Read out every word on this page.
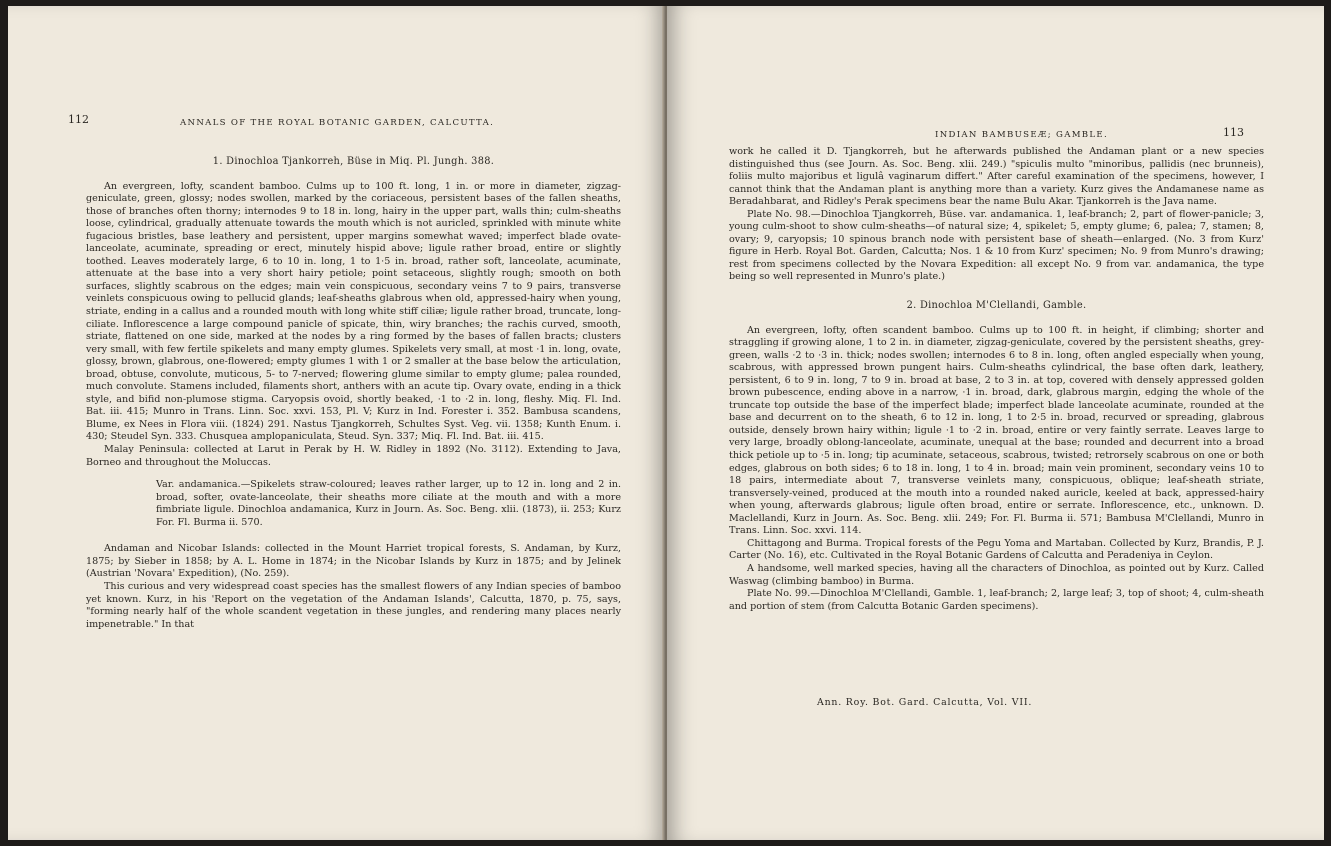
112	ANNALS OF THE ROYAL BOTANIC GARDEN, CALCUTTA.
1. Dinochloa Tjankorreh, Büse in Miq. Pl. Jungh. 388.

An evergreen, lofty, scandent bamboo. Culms up to 100 ft. long, 1 in. or more in diameter, zigzag-geniculate, green, glossy; nodes swollen, marked by the coriaceous, persistent bases of the fallen sheaths, those of branches often thorny; internodes 9 to 18 in. long, hairy in the upper part, walls thin; culm-sheaths loose, cylindrical, gradually attenuate towards the mouth which is not auricled, sprinkled with minute white fugacious bristles, base leathery and persistent, upper margins somewhat waved; imperfect blade ovate-lanceolate, acuminate, spreading or erect, minutely hispid above; ligule rather broad, entire or slightly toothed. Leaves moderately large, 6 to 10 in. long, 1 to 1·5 in. broad, rather soft, lanceolate, acuminate, attenuate at the base into a very short hairy petiole; point setaceous, slightly rough; smooth on both surfaces, slightly scabrous on the edges; main vein conspicuous, secondary veins 7 to 9 pairs, transverse veinlets conspicuous owing to pellucid glands; leaf-sheaths glabrous when old, appressed-hairy when young, striate, ending in a callus and a rounded mouth with long white stiff ciliæ; ligule rather broad, truncate, long-ciliate. Inflorescence a large compound panicle of spicate, thin, wiry branches; the rachis curved, smooth, striate, flattened on one side, marked at the nodes by a ring formed by the bases of fallen bracts; clusters very small, with few fertile spikelets and many empty glumes. Spikelets very small, at most ·1 in. long, ovate, glossy, brown, glabrous, one-flowered; empty glumes 1 with 1 or 2 smaller at the base below the articulation, broad, obtuse, convolute, muticous, 5- to 7-nerved; flowering glume similar to empty glume; palea rounded, much convolute. Stamens included, filaments short, anthers with an acute tip. Ovary ovate, ending in a thick style, and bifid non-plumose stigma. Caryopsis ovoid, shortly beaked, ·1 to ·2 in. long, fleshy. Miq. Fl. Ind. Bat. iii. 415; Munro in Trans. Linn. Soc. xxvi. 153, Pl. V; Kurz in Ind. Forester i. 352. Bambusa scandens, Blume, ex Nees in Flora viii. (1824) 291. Nastus Tjangkorreh, Schultes Syst. Veg. vii. 1358; Kunth Enum. i. 430; Steudel Syn. 333. Chusquea amplopaniculata, Steud. Syn. 337; Miq. Fl. Ind. Bat. iii. 415.

Malay Peninsula: collected at Larut in Perak by H. W. Ridley in 1892 (No. 3112). Extending to Java, Borneo and throughout the Moluccas.

Var. andamanica.—Spikelets straw-coloured; leaves rather larger, up to 12 in. long and 2 in. broad, softer, ovate-lanceolate, their sheaths more ciliate at the mouth and with a more fimbriate ligule. Dinochloa andamanica, Kurz in Journ. As. Soc. Beng. xlii. (1873), ii. 253; Kurz For. Fl. Burma ii. 570.

Andaman and Nicobar Islands: collected in the Mount Harriet tropical forests, S. Andaman, by Kurz, 1875; by Sieber in 1858; by A. L. Home in 1874; in the Nicobar Islands by Kurz in 1875; and by Jelinek (Austrian 'Novara' Expedition), (No. 259).

This curious and very widespread coast species has the smallest flowers of any Indian species of bamboo yet known. Kurz, in his 'Report on the vegetation of the Andaman Islands', Calcutta, 1870, p. 75, says, "forming nearly half of the whole scandent vegetation in these jungles, and rendering many places nearly impenetrable." In that

INDIAN BAMBUSEÆ; GAMBLE.	113

work he called it D. Tjangkorreh, but he afterwards published the Andaman plant or a new species distinguished thus (see Journ. As. Soc. Beng. xlii. 249.) "spiculis multo "minoribus, pallidis (nec brunneis), foliis multo majoribus et ligulâ vaginarum differt." After careful examination of the specimens, however, I cannot think that the Andaman plant is anything more than a variety. Kurz gives the Andamanese name as Beradahbarat, and Ridley's Perak specimens bear the name Bulu Akar. Tjankorreh is the Java name.

Plate No. 98.—Dinochloa Tjangkorreh, Büse. var. andamanica. 1, leaf-branch; 2, part of flower-panicle; 3, young culm-shoot to show culm-sheaths—of natural size; 4, spikelet; 5, empty glume; 6, palea; 7, stamen; 8, ovary; 9, caryopsis; 10 spinous branch node with persistent base of sheath—enlarged. (No. 3 from Kurz' figure in Herb. Royal Bot. Garden, Calcutta; Nos. 1 & 10 from Kurz' specimen; No. 9 from Munro's drawing; rest from specimens collected by the Novara Expedition: all except No. 9 from var. andamanica, the type being so well represented in Munro's plate.)

2. Dinochloa M'Clellandi, Gamble.

An evergreen, lofty, often scandent bamboo. Culms up to 100 ft. in height, if climbing; shorter and straggling if growing alone, 1 to 2 in. in diameter, zigzag-geniculate, covered by the persistent sheaths, grey-green, walls ·2 to ·3 in. thick; nodes swollen; internodes 6 to 8 in. long, often angled especially when young, scabrous, with appressed brown pungent hairs. Culm-sheaths cylindrical, the base often dark, leathery, persistent, 6 to 9 in. long, 7 to 9 in. broad at base, 2 to 3 in. at top, covered with densely appressed golden brown pubescence, ending above in a narrow, ·1 in. broad, dark, glabrous margin, edging the whole of the truncate top outside the base of the imperfect blade; imperfect blade lanceolate acuminate, rounded at the base and decurrent on to the sheath, 6 to 12 in. long, 1 to 2·5 in. broad, recurved or spreading, glabrous outside, densely brown hairy within; ligule ·1 to ·2 in. broad, entire or very faintly serrate. Leaves large to very large, broadly oblong-lanceolate, acuminate, unequal at the base; rounded and decurrent into a broad thick petiole up to ·5 in. long; tip acuminate, setaceous, scabrous, twisted; retrorsely scabrous on one or both edges, glabrous on both sides; 6 to 18 in. long, 1 to 4 in. broad; main vein prominent, secondary veins 10 to 18 pairs, intermediate about 7, transverse veinlets many, conspicuous, oblique; leaf-sheath striate, transversely-veined, produced at the mouth into a rounded naked auricle, keeled at back, appressed-hairy when young, afterwards glabrous; ligule often broad, entire or serrate. Inflorescence, etc., unknown. D. Maclellandi, Kurz in Journ. As. Soc. Beng. xlii. 249; For. Fl. Burma ii. 571; Bambusa M'Clellandi, Munro in Trans. Linn. Soc. xxvi. 114.

Chittagong and Burma. Tropical forests of the Pegu Yoma and Martaban. Collected by Kurz, Brandis, P. J. Carter (No. 16), etc. Cultivated in the Royal Botanic Gardens of Calcutta and Peradeniya in Ceylon.

A handsome, well marked species, having all the characters of Dinochloa, as pointed out by Kurz. Called Waswag (climbing bamboo) in Burma.

Plate No. 99.—Dinochloa M'Clellandi, Gamble. 1, leaf-branch; 2, large leaf; 3, top of shoot; 4, culm-sheath and portion of stem (from Calcutta Botanic Garden specimens).

Ann. Roy. Bot. Gard. Calcutta, Vol. VII.
